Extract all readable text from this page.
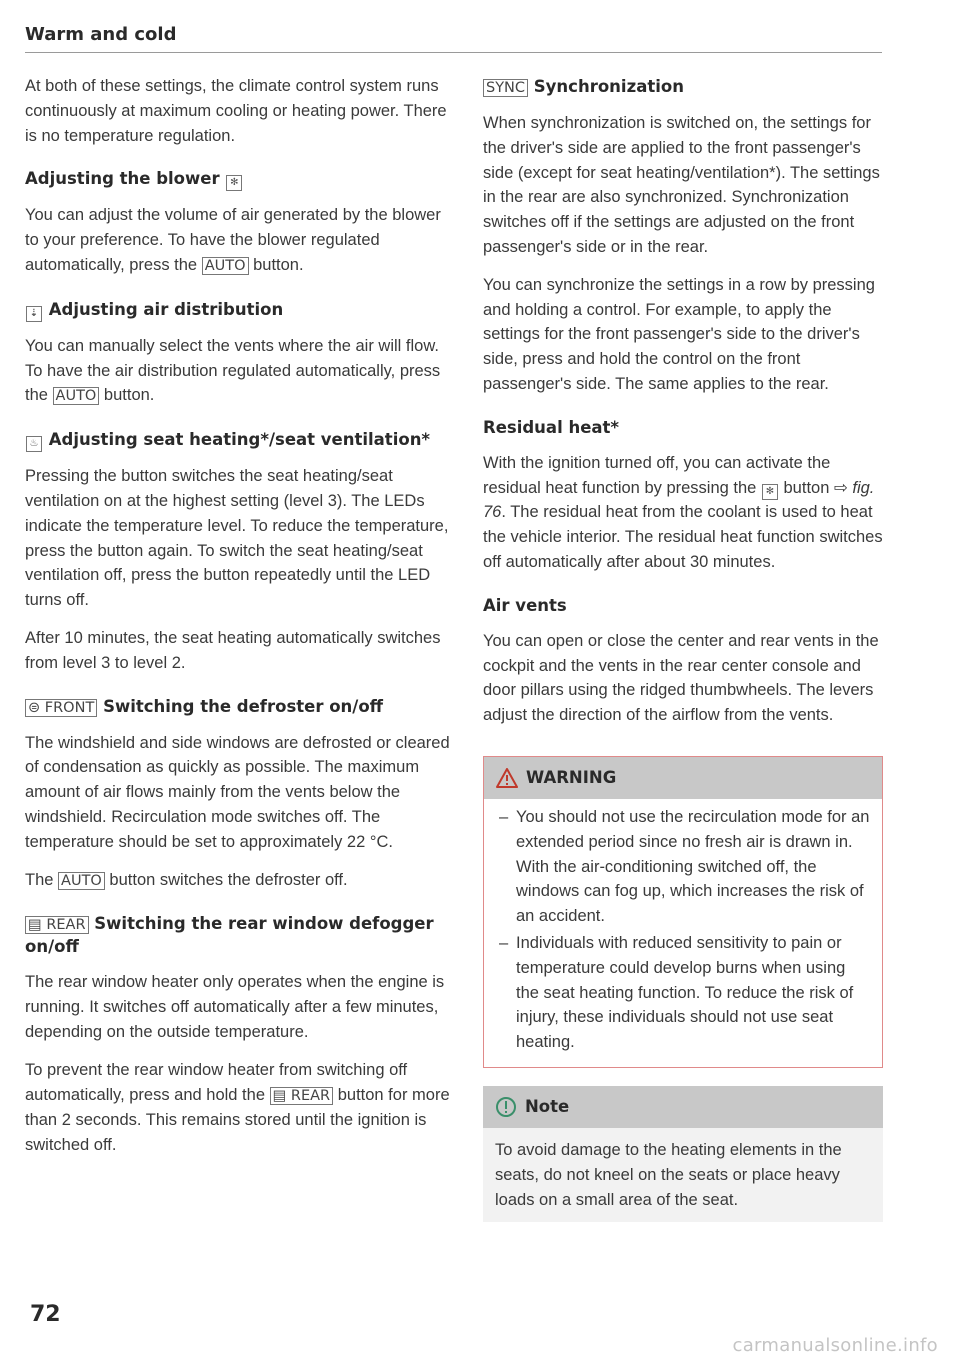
Warm and cold

At both of these settings, the climate control system runs continuously at maximum cooling or heating power. There is no temperature regulation.

Adjusting the blower ✻

You can adjust the volume of air generated by the blower to your preference. To have the blower regulated automatically, press the AUTO button.

⇣ Adjusting air distribution

You can manually select the vents where the air will flow. To have the air distribution regulated automatically, press the AUTO button.

♨ Adjusting seat heating*/seat ventilation*

Pressing the button switches the seat heating/seat ventilation on at the highest setting (level 3). The LEDs indicate the temperature level. To reduce the temperature, press the button again. To switch the seat heating/seat ventilation off, press the button repeatedly until the LED turns off.

After 10 minutes, the seat heating automatically switches from level 3 to level 2.

⊜ FRONT Switching the defroster on/off

The windshield and side windows are defrosted or cleared of condensation as quickly as possible. The maximum amount of air flows mainly from the vents below the windshield. Recirculation mode switches off. The temperature should be set to approximately 22 °C.

The AUTO button switches the defroster off.

▤ REAR Switching the rear window defogger on/off

The rear window heater only operates when the engine is running. It switches off automatically after a few minutes, depending on the outside temperature.

To prevent the rear window heater from switching off automatically, press and hold the ▤ REAR button for more than 2 seconds. This remains stored until the ignition is switched off.

SYNC Synchronization

When synchronization is switched on, the settings for the driver's side are applied to the front passenger's side (except for seat heating/ventilation*). The settings in the rear are also synchronized. Synchronization switches off if the settings are adjusted on the front passenger's side or in the rear.

You can synchronize the settings in a row by pressing and holding a control. For example, to apply the settings for the front passenger's side to the driver's side, press and hold the control on the front passenger's side. The same applies to the rear.

Residual heat*

With the ignition turned off, you can activate the residual heat function by pressing the ✻ button ⇨ fig. 76. The residual heat from the coolant is used to heat the vehicle interior. The residual heat function switches off automatically after about 30 minutes.

Air vents

You can open or close the center and rear vents in the cockpit and the vents in the rear center console and door pillars using the ridged thumbwheels. The levers adjust the direction of the airflow from the vents.

WARNING
– You should not use the recirculation mode for an extended period since no fresh air is drawn in. With the air-conditioning switched off, the windows can fog up, which increases the risk of an accident.
– Individuals with reduced sensitivity to pain or temperature could develop burns when using the seat heating function. To reduce the risk of injury, these individuals should not use seat heating.
Note

To avoid damage to the heating elements in the seats, do not kneel on the seats or place heavy loads on a small area of the seat.

72
carmanualsonline.info
